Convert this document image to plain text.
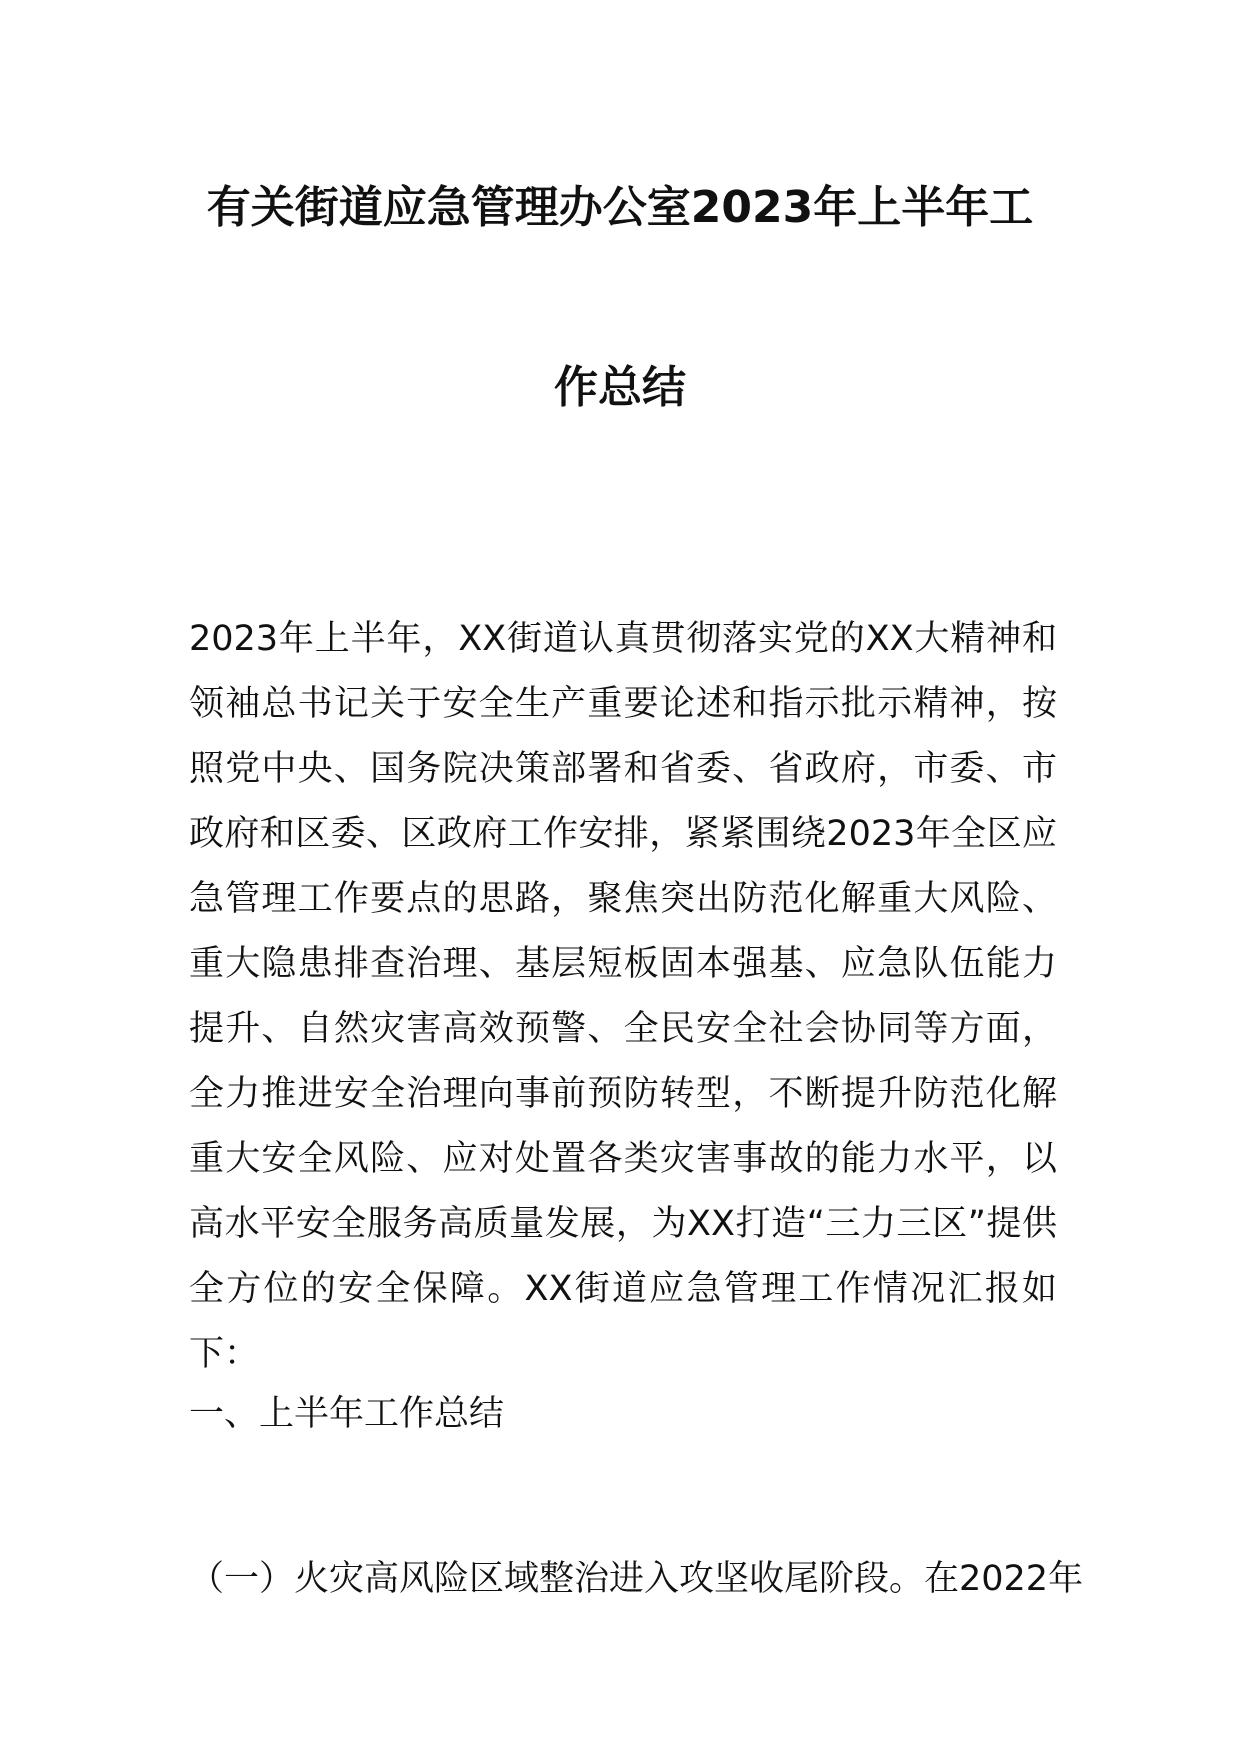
有关街道应急管理办公室2023年上半年工
作总结
2023年上半年，XX街道认真贯彻落实党的XX大精神和领袖总书记关于安全生产重要论述和指示批示精神，按照党中央、国务院决策部署和省委、省政府，市委、市政府和区委、区政府工作安排，紧紧围绕2023年全区应急管理工作要点的思路，聚焦突出防范化解重大风险、重大隐患排查治理、基层短板固本强基、应急队伍能力提升、自然灾害高效预警、全民安全社会协同等方面，全力推进安全治理向事前预防转型，不断提升防范化解重大安全风险、应对处置各类灾害事故的能力水平，以高水平安全服务高质量发展，为XX打造“三力三区”提供全方位的安全保障。XX街道应急管理工作情况汇报如下：
一、上半年工作总结
（一）火灾高风险区域整治进入攻坚收尾阶段。在2022年
